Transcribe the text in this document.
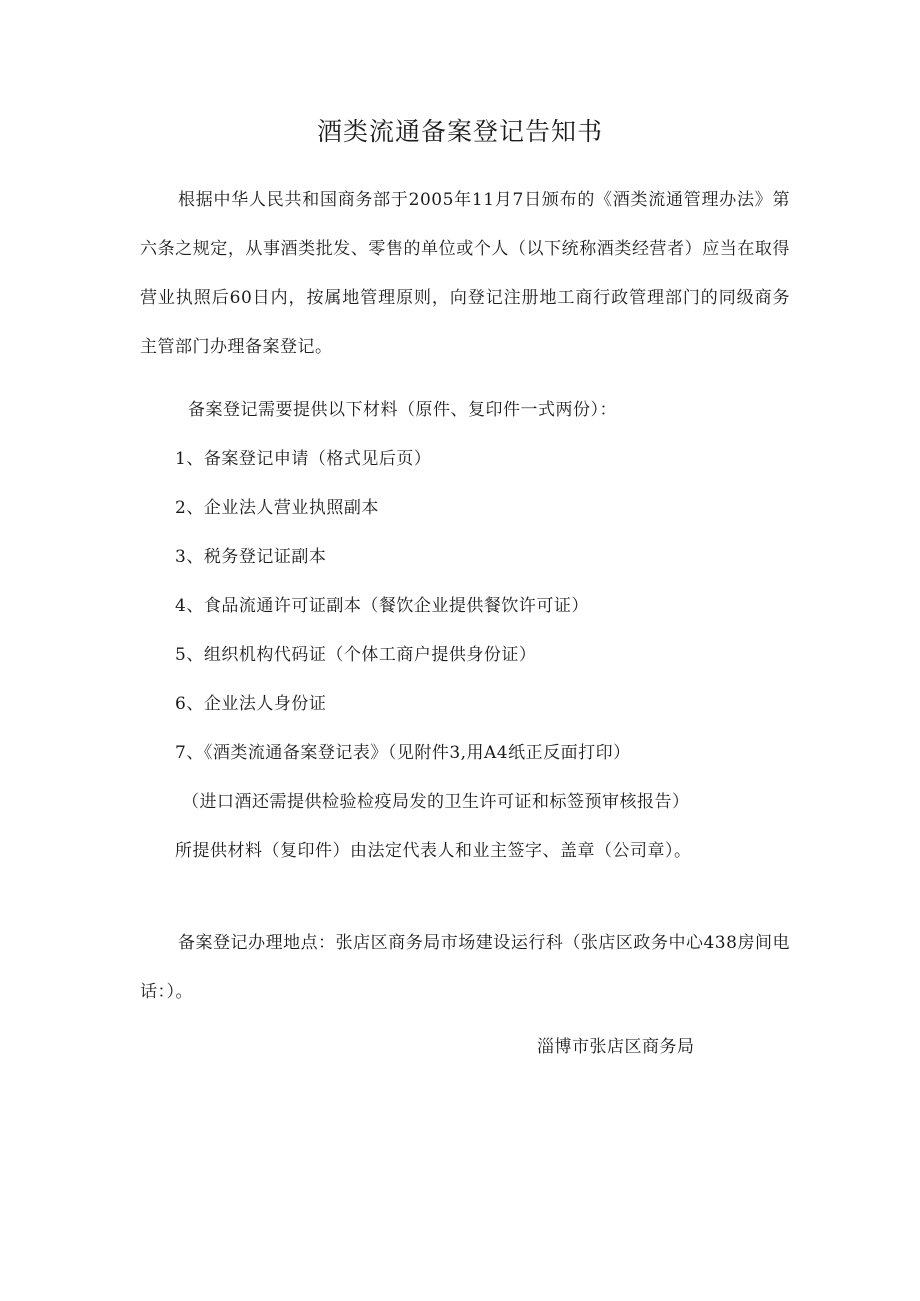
酒类流通备案登记告知书
根据中华人民共和国商务部于2005年11月7日颁布的《酒类流通管理办法》第六条之规定，从事酒类批发、零售的单位或个人（以下统称酒类经营者）应当在取得营业执照后60日内，按属地管理原则，向登记注册地工商行政管理部门的同级商务主管部门办理备案登记。
备案登记需要提供以下材料（原件、复印件一式两份）：
1、备案登记申请（格式见后页）
2、企业法人营业执照副本
3、税务登记证副本
4、食品流通许可证副本（餐饮企业提供餐饮许可证）
5、组织机构代码证（个体工商户提供身份证）
6、企业法人身份证
7、《酒类流通备案登记表》（见附件3,用A4纸正反面打印）
（进口酒还需提供检验检疫局发的卫生许可证和标签预审核报告）
所提供材料（复印件）由法定代表人和业主签字、盖章（公司章）。
备案登记办理地点：张店区商务局市场建设运行科（张店区政务中心438房间电话：）。
淄博市张店区商务局
